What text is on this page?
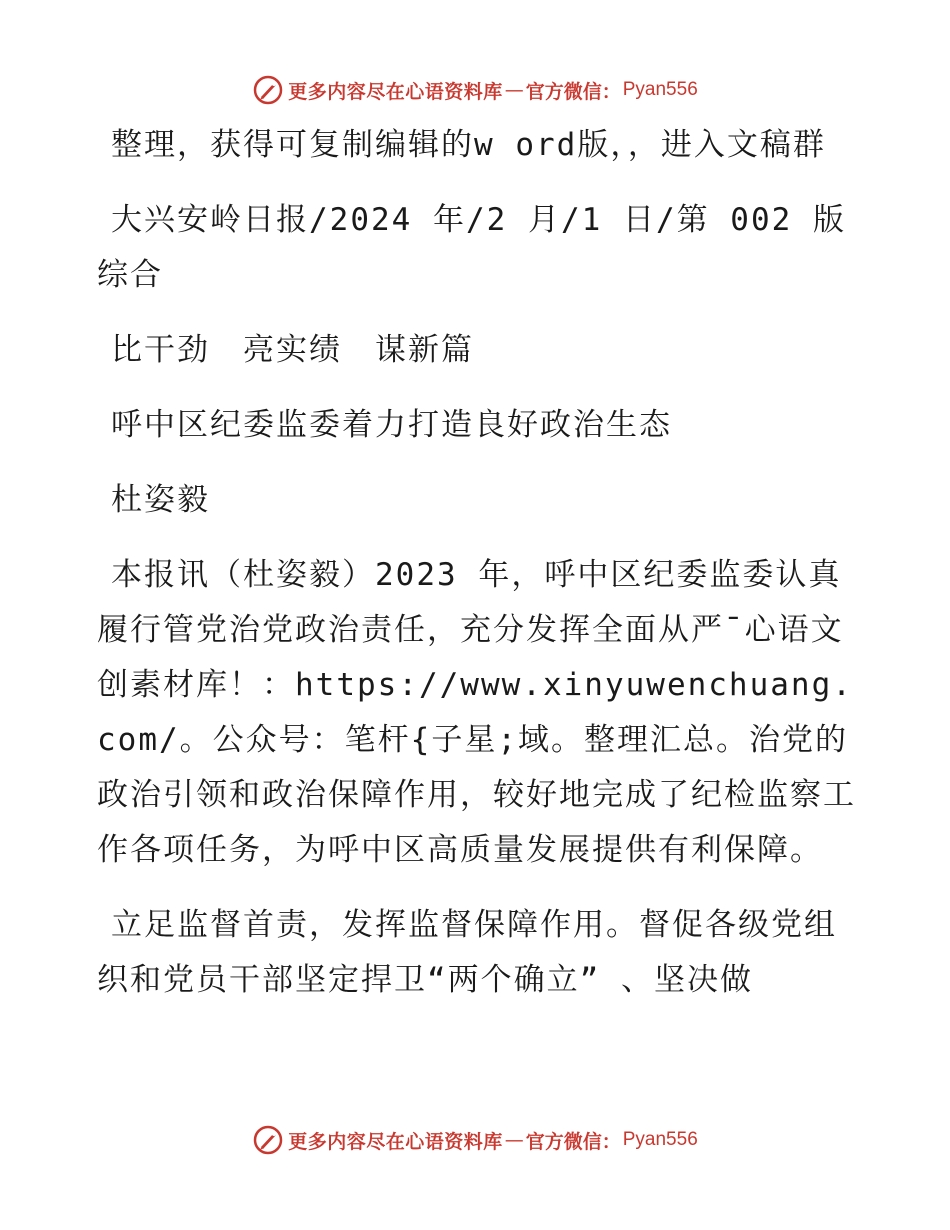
更多内容尽在心语资料库 — 官方微信： Pyan556

整理，获得可复制编辑的w ord版，，进入文稿群

大兴安岭日报/2024 年/2 月/1 日/第 002 版综合

比干劲　亮实绩　谋新篇

呼中区纪委监委着力打造良好政治生态

杜姿毅

本报讯（杜姿毅）2023 年，呼中区纪委监委认真履行管党治党政治责任，充分发挥全面从严¯心语文创素材库！：https://www.xinyuwenchuang.com/。公众号：笔杆{子星;域。整理汇总。治党的政治引领和政治保障作用，较好地完成了纪检监察工作各项任务，为呼中区高质量发展提供有利保障。

立足监督首责，发挥监督保障作用。督促各级党组织和党员干部坚定捍卫“两个确立” 、坚决做

更多内容尽在心语资料库 — 官方微信： Pyan556
